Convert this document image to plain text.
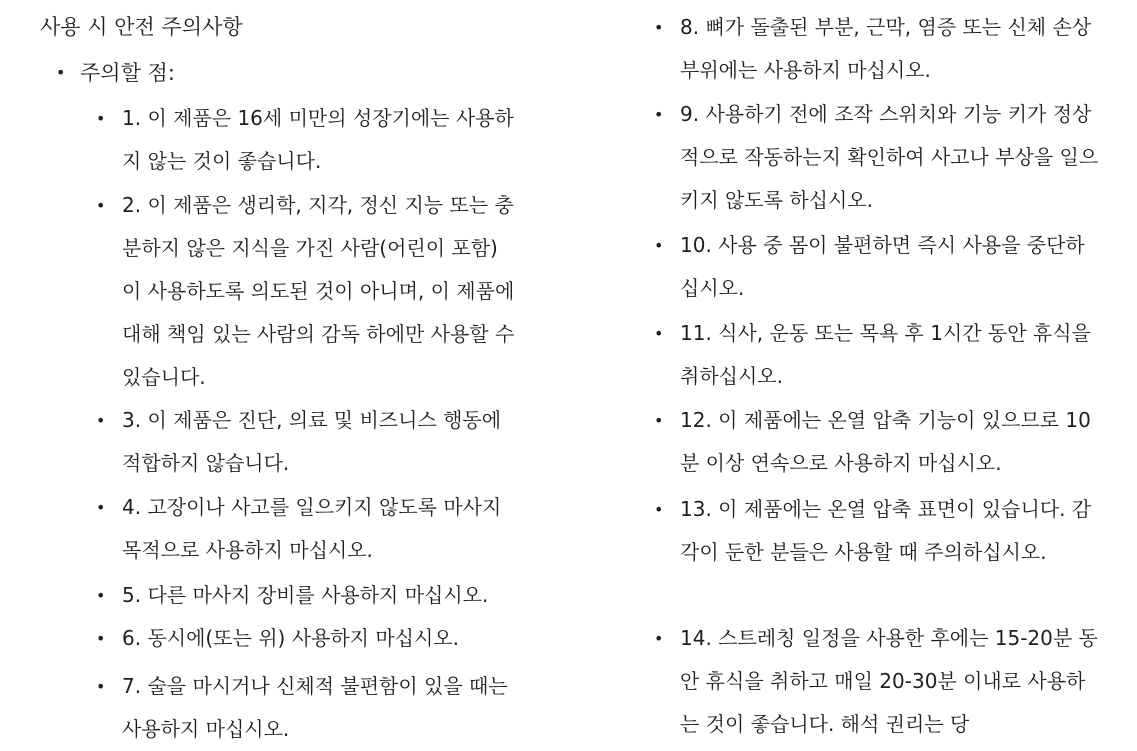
사용 시 안전 주의사항
• 주의할 점:
• 1. 이 제품은 16세 미만의 성장기에는 사용하지 않는 것이 좋습니다.
• 2. 이 제품은 생리학, 지각, 정신 지능 또는 충분하지 않은 지식을 가진 사람(어린이 포함)이 사용하도록 의도된 것이 아니며, 이 제품에 대해 책임 있는 사람의 감독 하에만 사용할 수 있습니다.
• 3. 이 제품은 진단, 의료 및 비즈니스 행동에 적합하지 않습니다.
• 4. 고장이나 사고를 일으키지 않도록 마사지 목적으로 사용하지 마십시오.
• 5. 다른 마사지 장비를 사용하지 마십시오.
• 6. 동시에(또는 위) 사용하지 마십시오.
• 7. 술을 마시거나 신체적 불편함이 있을 때는 사용하지 마십시오.
• 8. 뼈가 돌출된 부분, 근막, 염증 또는 신체 손상 부위에는 사용하지 마십시오.
• 9. 사용하기 전에 조작 스위치와 기능 키가 정상적으로 작동하는지 확인하여 사고나 부상을 일으키지 않도록 하십시오.
• 10. 사용 중 몸이 불편하면 즉시 사용을 중단하십시오.
• 11. 식사, 운동 또는 목욕 후 1시간 동안 휴식을 취하십시오.
• 12. 이 제품에는 온열 압축 기능이 있으므로 10분 이상 연속으로 사용하지 마십시오.
• 13. 이 제품에는 온열 압축 표면이 있습니다. 감각이 둔한 분들은 사용할 때 주의하십시오.
• 14. 스트레칭 일정을 사용한 후에는 15-20분 동안 휴식을 취하고 매일 20-30분 이내로 사용하는 것이 좋습니다. 해석 권리는 당
